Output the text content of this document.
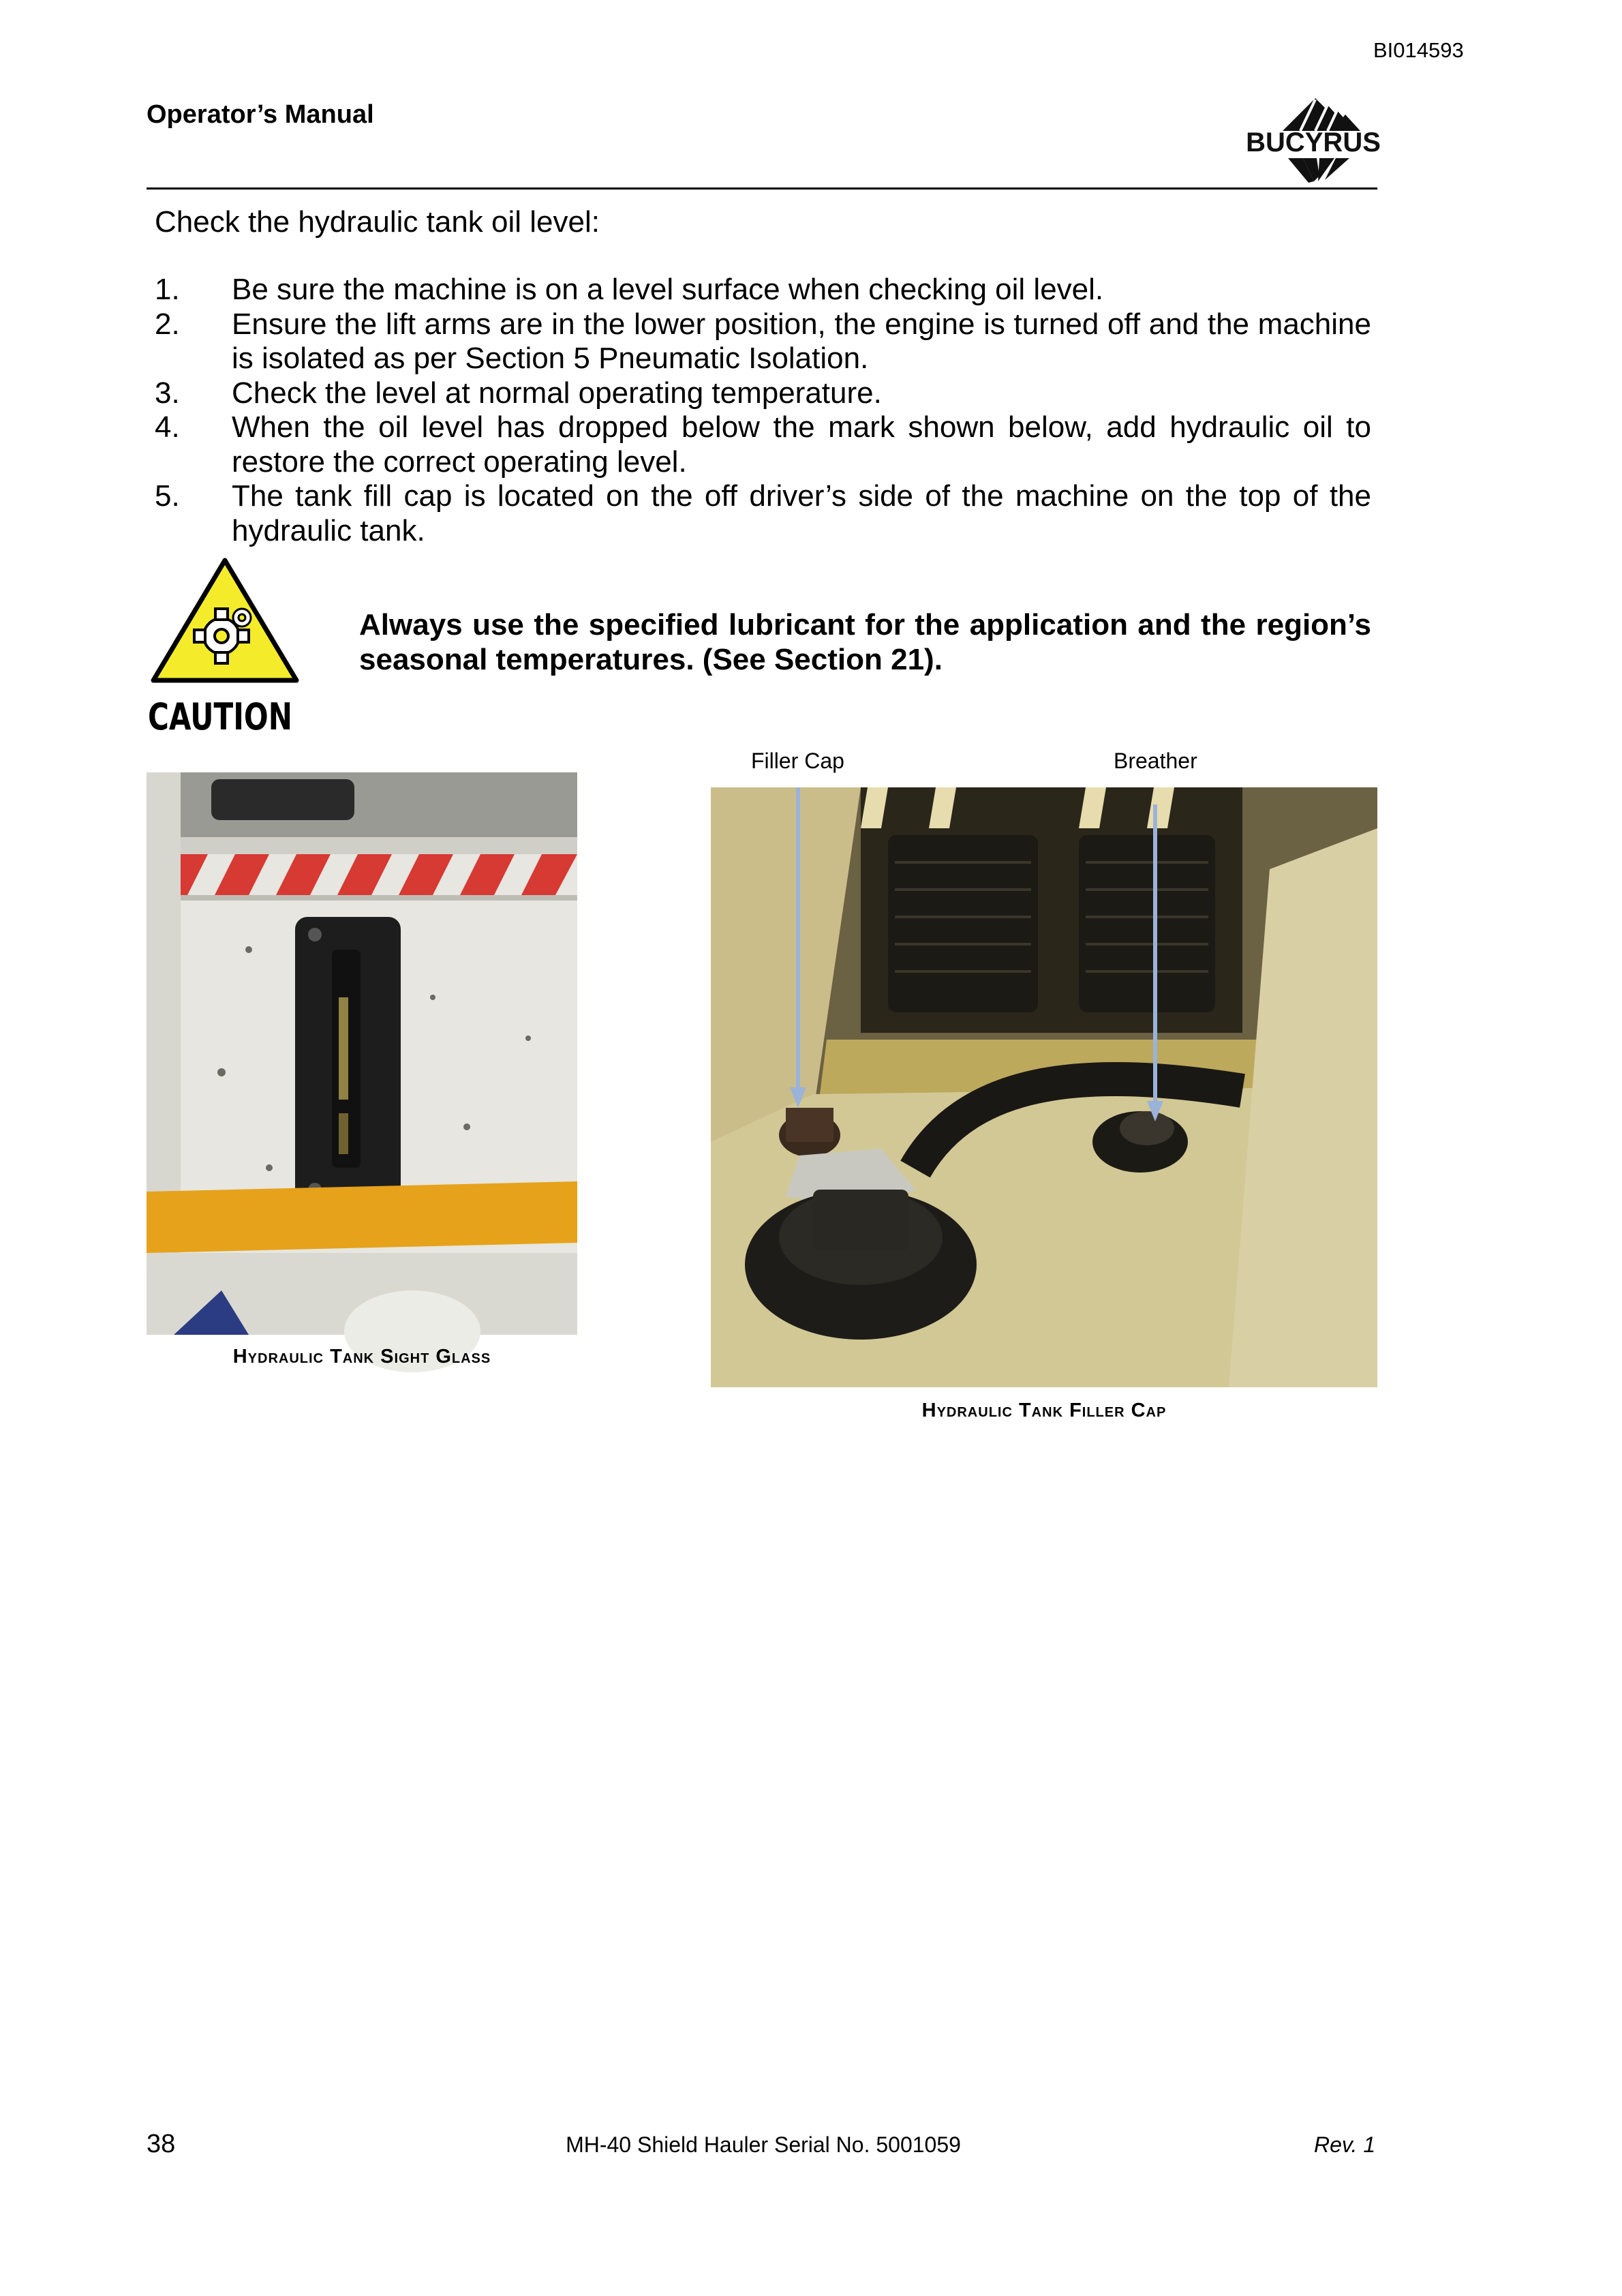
BI014593
Operator’s Manual
BUCYRUS
Check the hydraulic tank oil level:
1. Be sure the machine is on a level surface when checking oil level.
2. Ensure the lift arms are in the lower position, the engine is turned off and the machine is isolated as per Section 5 Pneumatic Isolation.
3. Check the level at normal operating temperature.
4. When the oil level has dropped below the mark shown below, add hydraulic oil to restore the correct operating level.
5. The tank fill cap is located on the off driver’s side of the machine on the top of the hydraulic tank.
CAUTION
Always use the specified lubricant for the application and the region’s seasonal temperatures. (See Section 21).
Filler Cap	Breather
Hydraulic Tank Sight Glass
Hydraulic Tank Filler Cap
38	MH-40 Shield Hauler Serial No. 5001059	Rev. 1
